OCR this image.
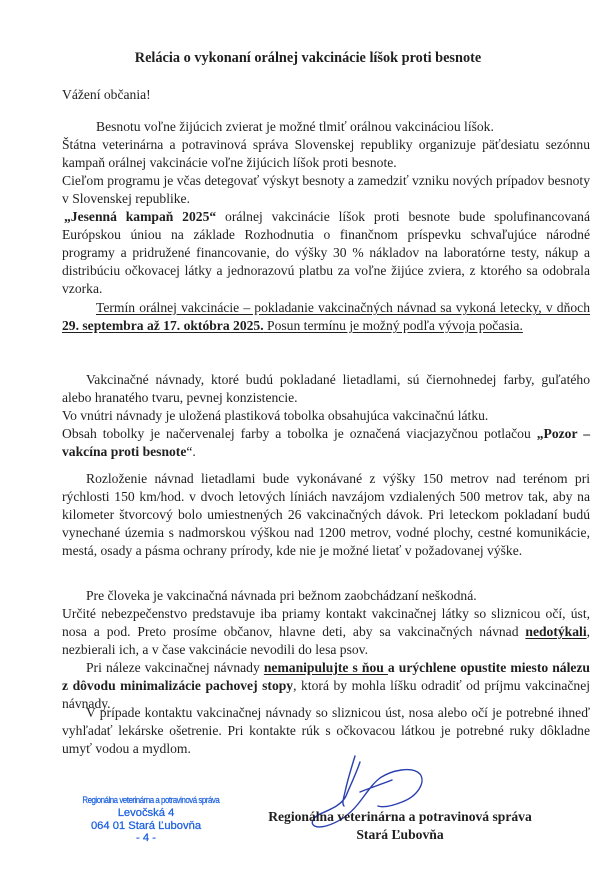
Relácia o vykonaní orálnej vakcinácie líšok proti besnote
Vážení občania!

Besnotu voľne žijúcich zvierat je možné tlmiť orálnou vakcináciou líšok.

Štátna veterinárna a potravinová správa Slovenskej republiky organizuje päťdesiatu sezónnu kampaň orálnej vakcinácie voľne žijúcich líšok proti besnote.

Cieľom programu je včas detegovať výskyt besnoty a zamedziť vzniku nových prípadov besnoty v Slovenskej republike.

„Jesenná kampaň 2025“ orálnej vakcinácie líšok proti besnote bude spolufinancovaná Európskou úniou na základe Rozhodnutia o finančnom príspevku schvaľujúce národné programy a pridružené financovanie, do výšky 30 % nákladov na laboratórne testy, nákup a distribúciu očkovacej látky a jednorazovú platbu za voľne žijúce zviera, z ktorého sa odobrala vzorka.

Termín orálnej vakcinácie – pokladanie vakcinačných návnad sa vykoná letecky, v dňoch 29. septembra až 17. októbra 2025. Posun termínu je možný podľa vývoja počasia.

Vakcinačné návnady, ktoré budú pokladané lietadlami, sú čiernohnedej farby, guľatého alebo hranatého tvaru, pevnej konzistencie.

Vo vnútri návnady je uložená plastiková tobolka obsahujúca vakcinačnú látku.

Obsah tobolky je načervenalej farby a tobolka je označená viacjazyčnou potlačou „Pozor – vakcína proti besnote“.

Rozloženie návnad lietadlami bude vykonávané z výšky 150 metrov nad terénom pri rýchlosti 150 km/hod. v dvoch letových líniách navzájom vzdialených 500 metrov tak, aby na kilometer štvorcový bolo umiestnených 26 vakcinačných dávok. Pri leteckom pokladaní budú vynechané územia s nadmorskou výškou nad 1200 metrov, vodné plochy, cestné komunikácie, mestá, osady a pásma ochrany prírody, kde nie je možné lietať v požadovanej výške.

Pre človeka je vakcinačná návnada pri bežnom zaobchádzaní neškodná.

Určité nebezpečenstvo predstavuje iba priamy kontakt vakcinačnej látky so sliznicou očí, úst, nosa a pod. Preto prosíme občanov, hlavne deti, aby sa vakcinačných návnad nedotýkali, nezbierali ich, a v čase vakcinácie nevodili do lesa psov.

Pri náleze vakcinačnej návnady nemanipulujte s ňou a urýchlene opustite miesto nálezu z dôvodu minimalizácie pachovej stopy, ktorá by mohla líšku odradiť od príjmu vakcinačnej návnady.

V prípade kontaktu vakcinačnej návnady so sliznicou úst, nosa alebo očí je potrebné ihneď vyhľadať lekárske ošetrenie. Pri kontakte rúk s očkovacou látkou je potrebné ruky dôkladne umyť vodou a mydlom.

Regionálna veterinárna a potravinová správa
Levočská 4
064 01 Stará Ľubovňa
- 4 -
Regionálna veterinárna a potravinová správa
Stará Ľubovňa
